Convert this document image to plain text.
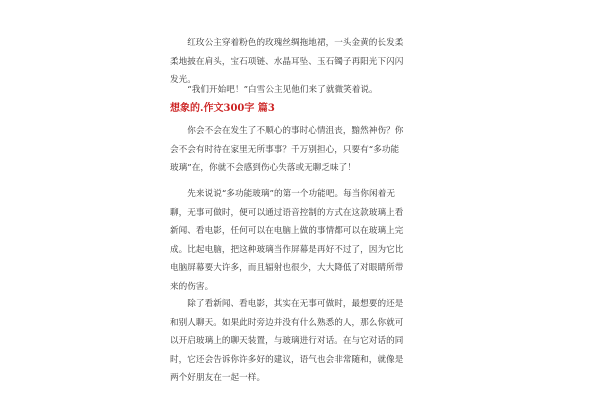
　　红玫公主穿着粉色的玫瑰丝绸拖地裙，一头金黄的长发柔
柔地披在肩头，宝石项链、水晶耳坠、玉石镯子再阳光下闪闪
发光。

　　“我们开始吧！”白雪公主见他们来了就微笑着说。

想象的.作文300字 篇3

　　你会不会在发生了不顺心的事时心情沮丧，黯然神伤？你
会不会有时待在家里无所事事？千万别担心，只要有“多功能
玻璃”在，你就不会感到伤心失落或无聊乏味了！

　　先来说说“多功能玻璃”的第一个功能吧。每当你闲着无
聊，无事可做时，便可以通过语音控制的方式在这款玻璃上看
新闻、看电影，任何可以在电脑上做的事情都可以在玻璃上完
成。比起电脑，把这种玻璃当作屏幕是再好不过了，因为它比
电脑屏幕要大许多，而且辐射也很少，大大降低了对眼睛所带
来的伤害。

　　除了看新闻、看电影，其实在无事可做时，最想要的还是
和别人聊天。如果此时旁边并没有什么熟悉的人，那么你就可
以开启玻璃上的聊天装置，与玻璃进行对话。在与它对话的同
时，它还会告诉你许多好的建议，语气也会非常随和，就像是
两个好朋友在一起一样。
